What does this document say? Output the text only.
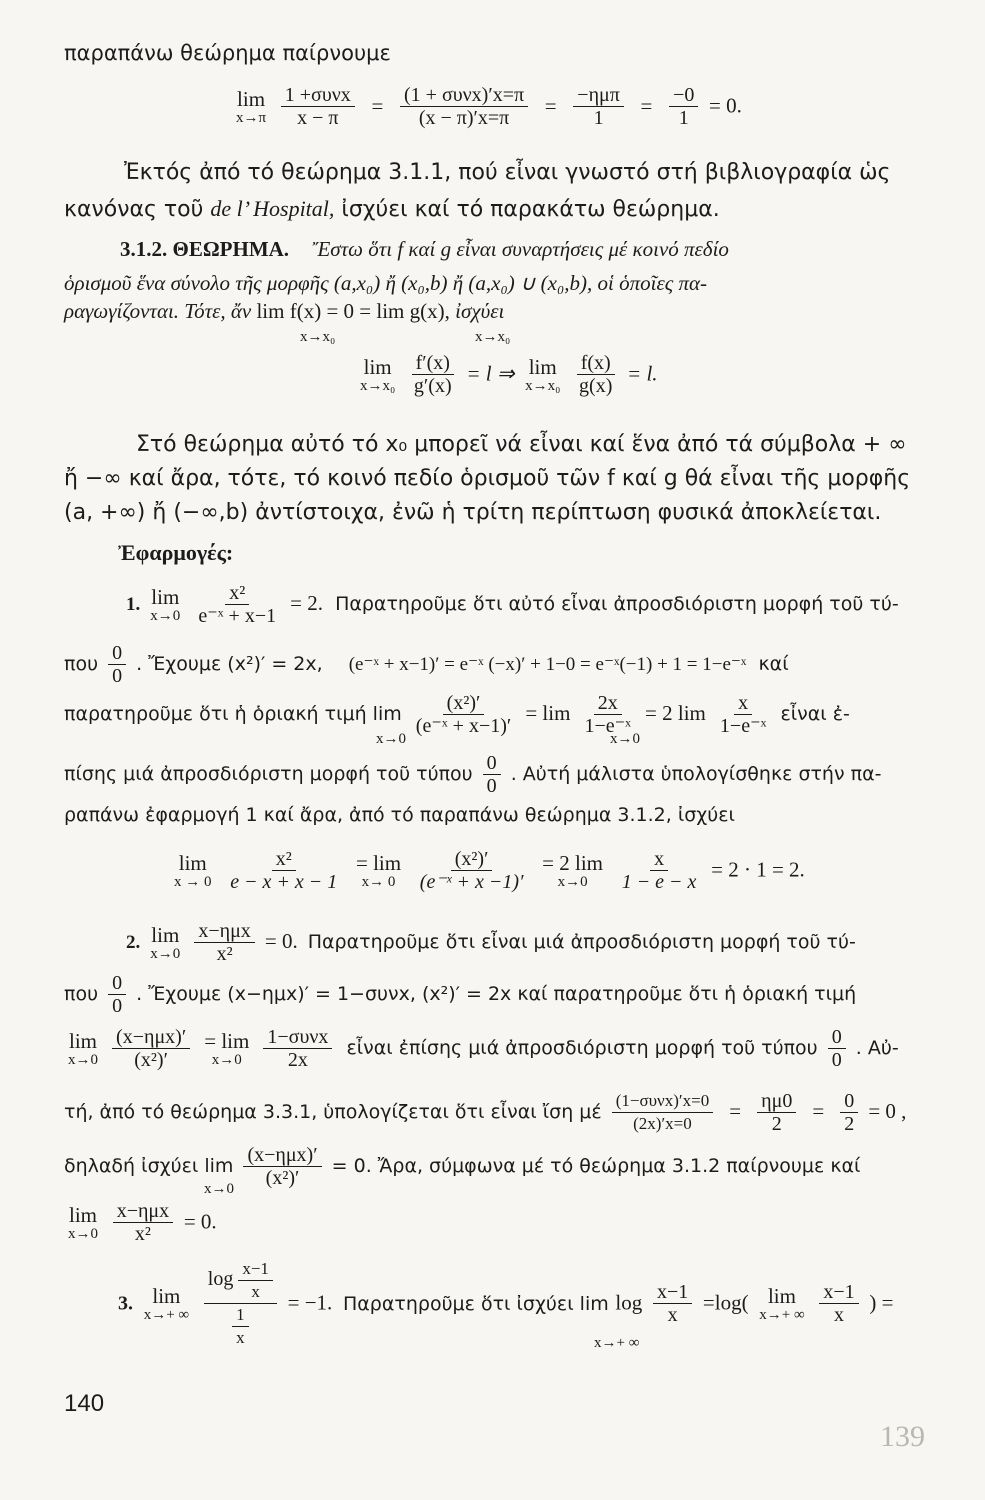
παραπάνω θεώρημα παίρνουμε
lim
x→π
$\frac{\text{1 +συνx}}{x - \pi} = \frac{\text{(1 + συνx)′x=π}}{(x - \pi)'x=\pi} = \frac{\text{−ημπ}}{1} = \frac{-0}{1} = 0$.
Ἐκτός ἀπό τό θεώρημα 3.1.1, πού εἶναι γνωστό στή βιβλιογραφία ὡς
κανόνας τοῦ de l’ Hospital, ἰσχύει καί τό παρακάτω θεώρημα.
3.1.2. ΘΕΩΡΗΜΑ. Ἔστω ὅτι f καί g εἶναι συναρτήσεις μέ κοινό πεδίο
ὁρισμοῦ ἕνα σύνολο τῆς μορφῆς (a,x₀) ἤ (x₀,b) ἤ (a,x₀) ∪ (x₀,b), οἱ ὁποῖες πα-
ραγωγίζονται. Τότε, ἄν lim f(x) = 0 = lim g(x), ἰσχύει
x→x₀	x→x₀
lim
x→x₀
$\frac{f'(x)}{g'(x)} = l$ ⇒ lim
x→x₀
$\frac{f(x)}{g(x)} = l$.
Στό θεώρημα αὐτό τό x₀ μπορεῖ νά εἶναι καί ἕνα ἀπό τά σύμβολα + ∞
ἤ −∞ καί ἄρα, τότε, τό κοινό πεδίο ὁρισμοῦ τῶν f καί g θά εἶναι τῆς μορφῆς
(a, +∞) ἤ (−∞,b) ἀντίστοιχα, ἐνῶ ἡ τρίτη περίπτωση φυσικά ἀποκλείεται.
Ἐφαρμογές:
1. lim
x→0
$\frac{\text{x²}}{\text{e⁻ˣ + x−1}} = 2$. Παρατηροῦμε ὅτι αὐτό εἶναι ἀπροσδιόριστη μορφή τοῦ τύ-
που $\frac{0}{0}$ . Ἔχουμε (x²)′ = 2x, (e⁻ˣ + x−1)′ = e⁻ˣ (−x)′ + 1−0 = e⁻ˣ(−1) + 1 = 1−e⁻ˣ καί
παρατηροῦμε ὅτι ἡ ὁριακή τιμή $\lim \frac{\text{(x²)′}}{\text{(e⁻ˣ + x−1)′}} = \lim \frac{2x}{\text{1−e⁻ˣ}} = 2$ $\lim \frac{x}{\text{1−e⁻ˣ}}$ εἶναι ἐ-
x→0	x→0
πίσης μιά ἀπροσδιόριστη μορφή τοῦ τύπου $\frac{0}{0}$ . Αὐτή μάλιστα ὑπολογίσθηκε στήν πα-
ραπάνω ἐφαρμογή 1 καί ἄρα, ἀπό τό παραπάνω θεώρημα 3.1.2, ἰσχύει
lim
x → 0
$\frac{\text{x²}}{e - x + x - 1}$
= lim
x→ 0
$\frac{\text{(x²)′}}{\text{(e⁻ˣ + x −1)′}}$
= 2 lim
x→0
$\frac{x}{1 - e - x} = 2 \cdot 1 = 2$.
2. lim
x→0
$\frac{\text{x−ημx}}{\text{x²}} = 0$. Παρατηροῦμε ὅτι εἶναι μιά ἀπροσδιόριστη μορφή τοῦ τύ-
που $\frac{0}{0}$ . Ἔχουμε (x−ημx)′ = 1−συνx, (x²)′ = 2x καί παρατηροῦμε ὅτι ἡ ὁριακή τιμή
lim
x→0
$\frac{\text{(x−ημx)′}}{\text{(x²)′}}$
= lim
x→0
$\frac{\text{1−συνx}}{2x}$ εἶναι ἐπίσης μιά ἀπροσδιόριστη μορφή τοῦ τύπου $\frac{0}{0}$ . Αὐ-
τή, ἀπό τό θεώρημα 3.3.1, ὑπολογίζεται ὅτι εἶναι ἴση μέ $\frac{\text{(1−συνx)′x=0}}{(2x)'x=0} = \frac{\eta\mu 0}{2} = \frac{0}{2} = 0$ ,
δηλαδή ἰσχύει $\lim \frac{\text{(x−ημx)′}}{\text{(x²)′}} = 0$. Ἄρα, σύμφωνα μέ τό θεώρημα 3.1.2 παίρνουμε καί
x→0
lim
x→0
$\frac{\text{x−ημx}}{\text{x²}} = 0$.
3. lim
x→+ ∞
$\frac{\log \frac{x-1}{x}}{\frac{1}{x}} = -1$. Παρατηροῦμε ὅτι ἰσχύει $\lim \log \frac{x-1}{x} =\log$( lim
x→+ ∞
$\frac{x-1}{x}$ ) =
x→+ ∞
140
139
